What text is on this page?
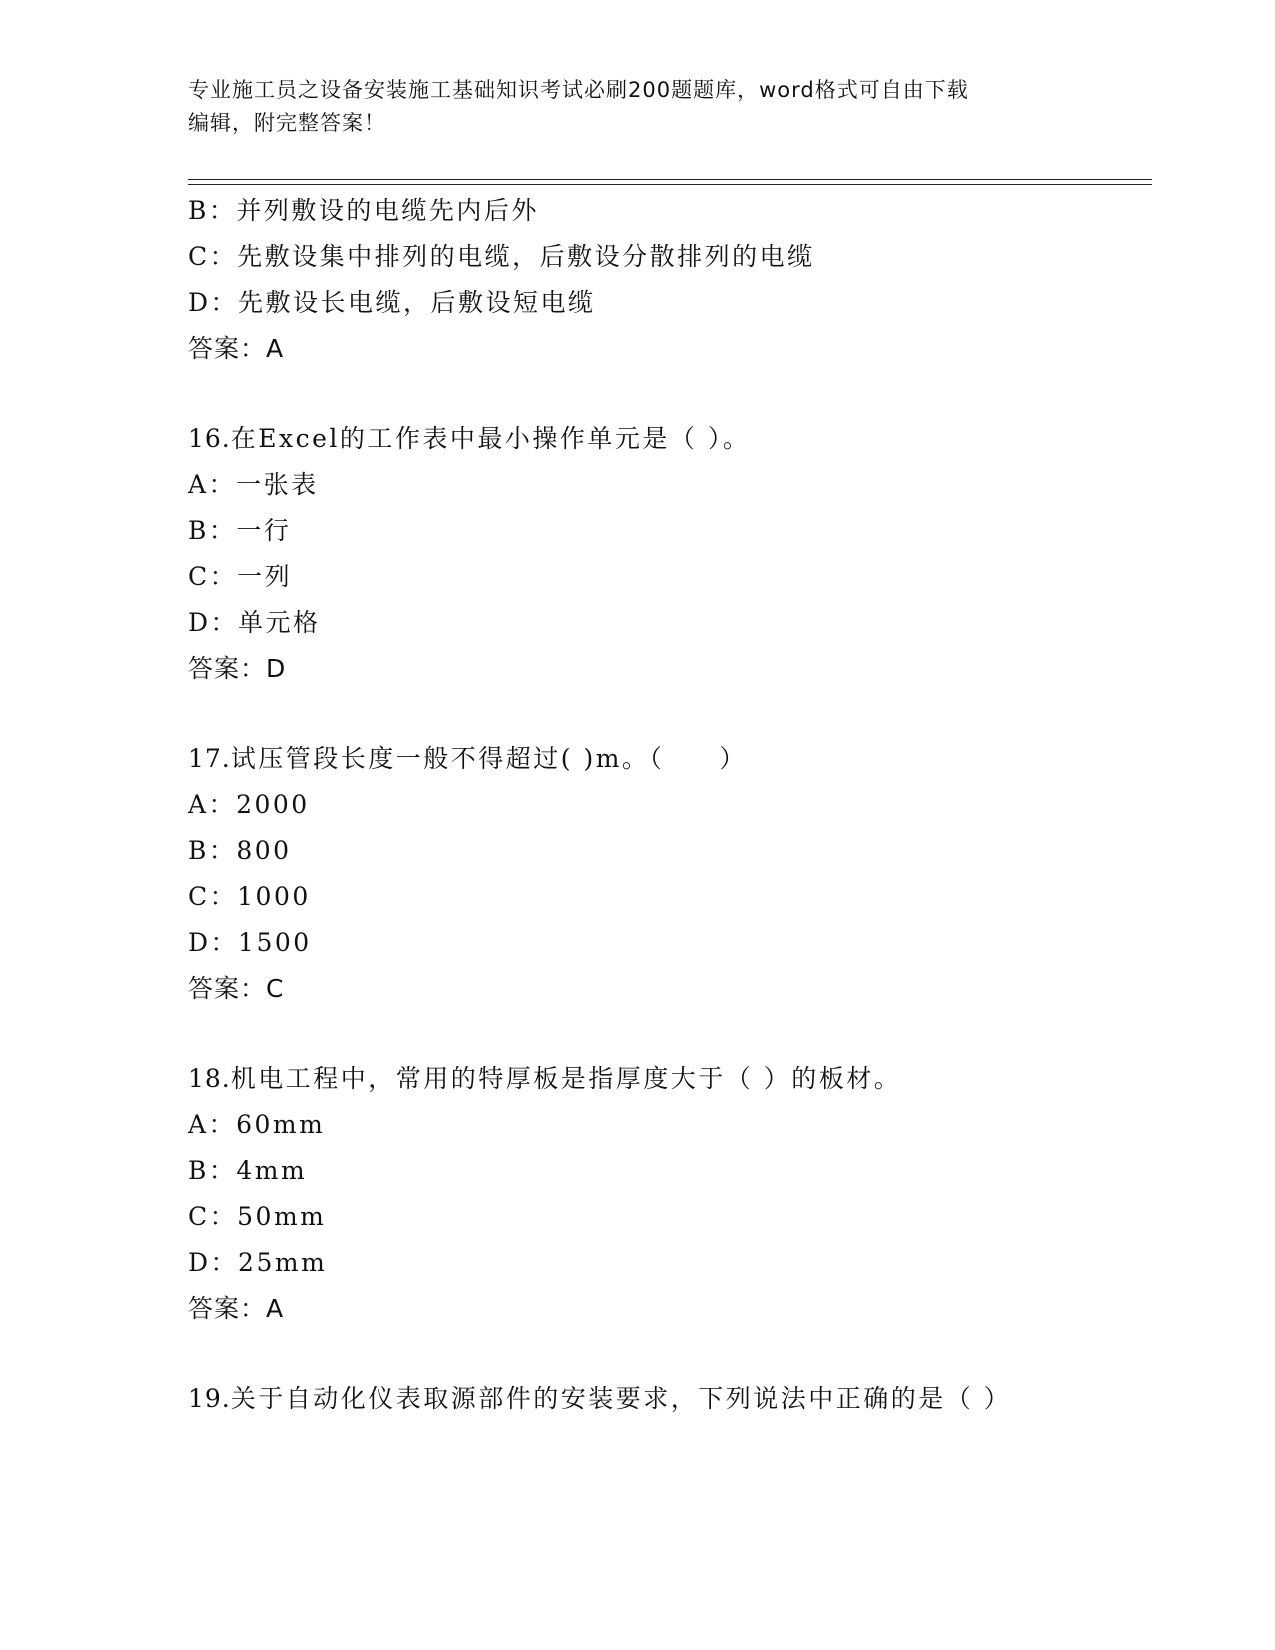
专业施工员之设备安装施工基础知识考试必刷200题题库，word格式可自由下载
编辑，附完整答案！
B：并列敷设的电缆先内后外
C：先敷设集中排列的电缆，后敷设分散排列的电缆
D：先敷设长电缆，后敷设短电缆
答案：A
16.在Excel的工作表中最小操作单元是（ ）。
A：一张表
B：一行
C：一列
D：单元格
答案：D
17.试压管段长度一般不得超过( )m。（　　）
A：2000
B：800
C：1000
D：1500
答案：C
18.机电工程中，常用的特厚板是指厚度大于（ ）的板材。
A：60mm
B：4mm
C：50mm
D：25mm
答案：A
19.关于自动化仪表取源部件的安装要求，下列说法中正确的是（ ）
